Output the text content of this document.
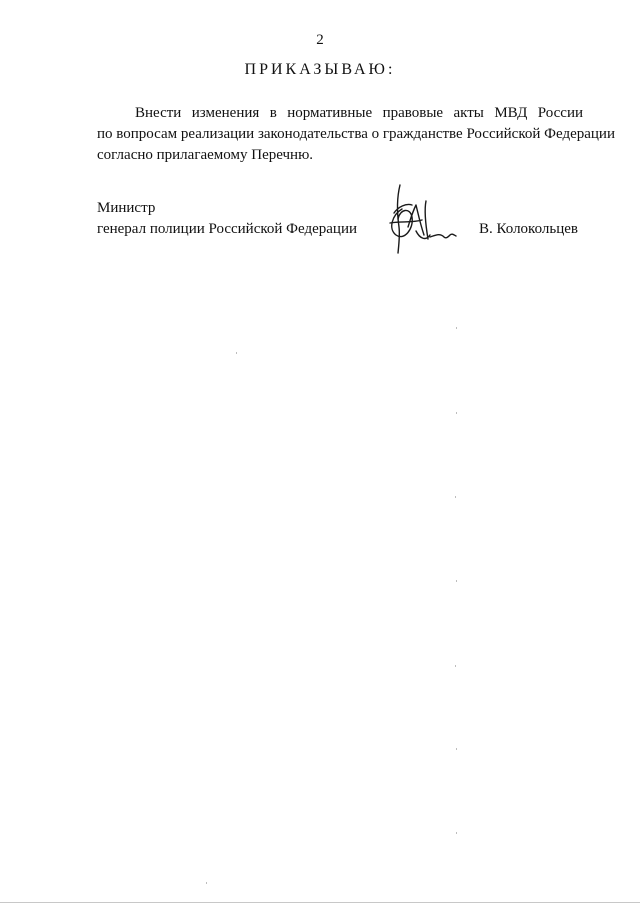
2
ПРИКАЗЫВАЮ:
Внести изменения в нормативные правовые акты МВД России
по вопросам реализации законодательства о гражданстве Российской Федерации
согласно прилагаемому Перечню.
Министр
генерал полиции Российской Федерации	В. Колокольцев
